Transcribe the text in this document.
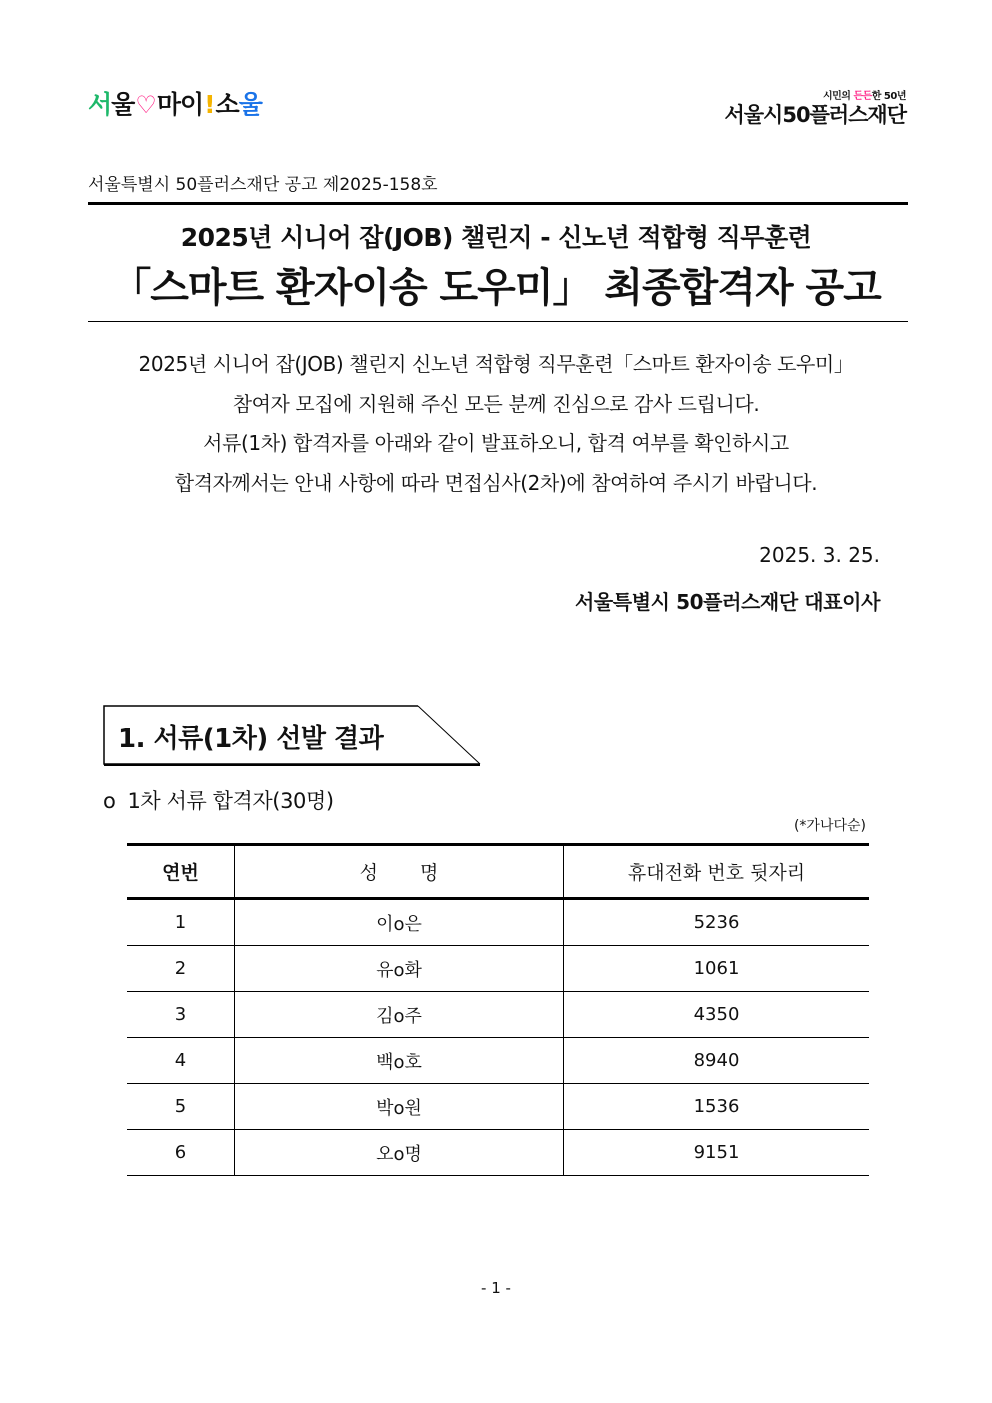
서 울 ♡ 마이 ! 소 울	시민의 든든한 50년
서울시50플러스재단
서울특별시 50플러스재단 공고 제2025-158호
2025년 시니어 잡(JOB) 챌린지 - 신노년 적합형 직무훈련
「스마트 환자이송 도우미」 최종합격자 공고
2025년 시니어 잡(JOB) 챌린지 신노년 적합형 직무훈련「스마트 환자이송 도우미」
참여자 모집에 지원해 주신 모든 분께 진심으로 감사 드립니다.
서류(1차) 합격자를 아래와 같이 발표하오니, 합격 여부를 확인하시고
합격자께서는 안내 사항에 따라 면접심사(2차)에 참여하여 주시기 바랍니다.
2025. 3. 25.
서울특별시 50플러스재단 대표이사
1. 서류(1차) 선발 결과
o 1차 서류 합격자(30명)
(*가나다순)
연번	성 명	휴대전화 번호 뒷자리
1	이o은	5236
2	유o화	1061
3	김o주	4350
4	백o호	8940
5	박o원	1536
6	오o명	9151
- 1 -
